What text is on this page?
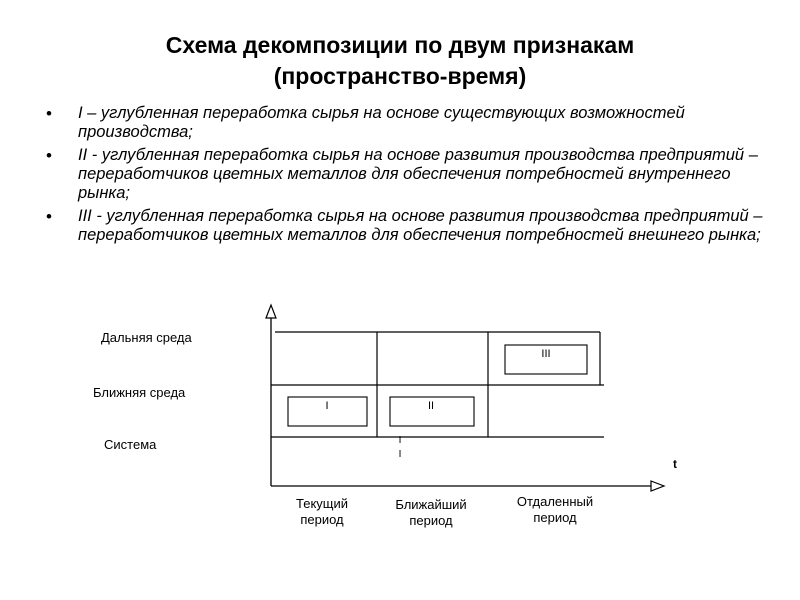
Схема декомпозиции по двум признакам
(пространство-время)
• I – углубленная переработка сырья на основе существующих возможностей производства;
• II - углубленная переработка сырья на основе развития производства предприятий – переработчиков цветных металлов для обеспечения потребностей внутреннего рынка;
• III - углубленная переработка сырья на основе развития производства предприятий – переработчиков цветных металлов для обеспечения потребностей внешнего рынка;
I	II
III
I
I
t
Дальняя среда
Ближняя среда
Система
Текущий
период
Ближайший
период
Отдаленный
период
